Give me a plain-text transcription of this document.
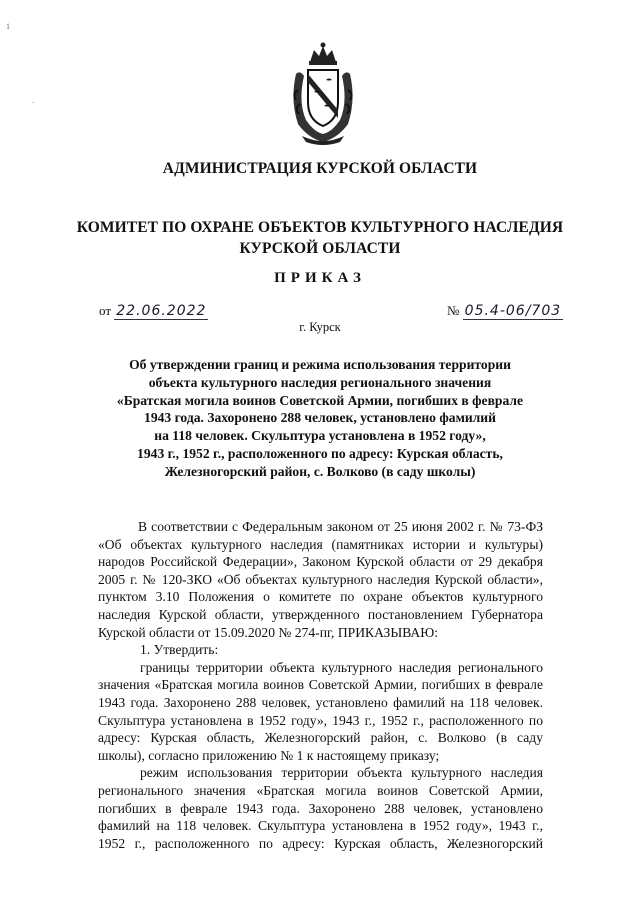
1
.
АДМИНИСТРАЦИЯ КУРСКОЙ ОБЛАСТИ
КОМИТЕТ ПО ОХРАНЕ ОБЪЕКТОВ КУЛЬТУРНОГО НАСЛЕДИЯ
КУРСКОЙ ОБЛАСТИ
ПРИКАЗ
от 22.06.2022	№ 05.4-06/703
г. Курск
Об утверждении границ и режима использования территории
объекта культурного наследия регионального значения
«Братская могила воинов Советской Армии, погибших в феврале
1943 года. Захоронено 288 человек, установлено фамилий
на 118 человек. Скульптура установлена в 1952 году»,
1943 г., 1952 г., расположенного по адресу: Курская область,
Железногорский район, с. Волково (в саду школы)
В соответствии с Федеральным законом от 25 июня 2002 г. № 73-ФЗ
«Об объектах культурного наследия (памятниках истории и культуры)
народов Российской Федерации», Законом Курской области от 29 декабря
2005 г. № 120-ЗКО «Об объектах культурного наследия Курской области»,
пунктом 3.10 Положения о комитете по охране объектов культурного
наследия Курской области, утвержденного постановлением Губернатора
Курской области от 15.09.2020 № 274-пг, ПРИКАЗЫВАЮ:
1. Утвердить:
границы территории объекта культурного наследия регионального
значения «Братская могила воинов Советской Армии, погибших в феврале
1943 года. Захоронено 288 человек, установлено фамилий на 118 человек.
Скульптура установлена в 1952 году», 1943 г., 1952 г., расположенного по
адресу: Курская область, Железногорский район, с. Волково (в саду
школы), согласно приложению № 1 к настоящему приказу;
режим использования территории объекта культурного наследия
регионального значения «Братская могила воинов Советской Армии,
погибших в феврале 1943 года. Захоронено 288 человек, установлено
фамилий на 118 человек. Скульптура установлена в 1952 году», 1943 г.,
1952 г., расположенного по адресу: Курская область, Железногорский
